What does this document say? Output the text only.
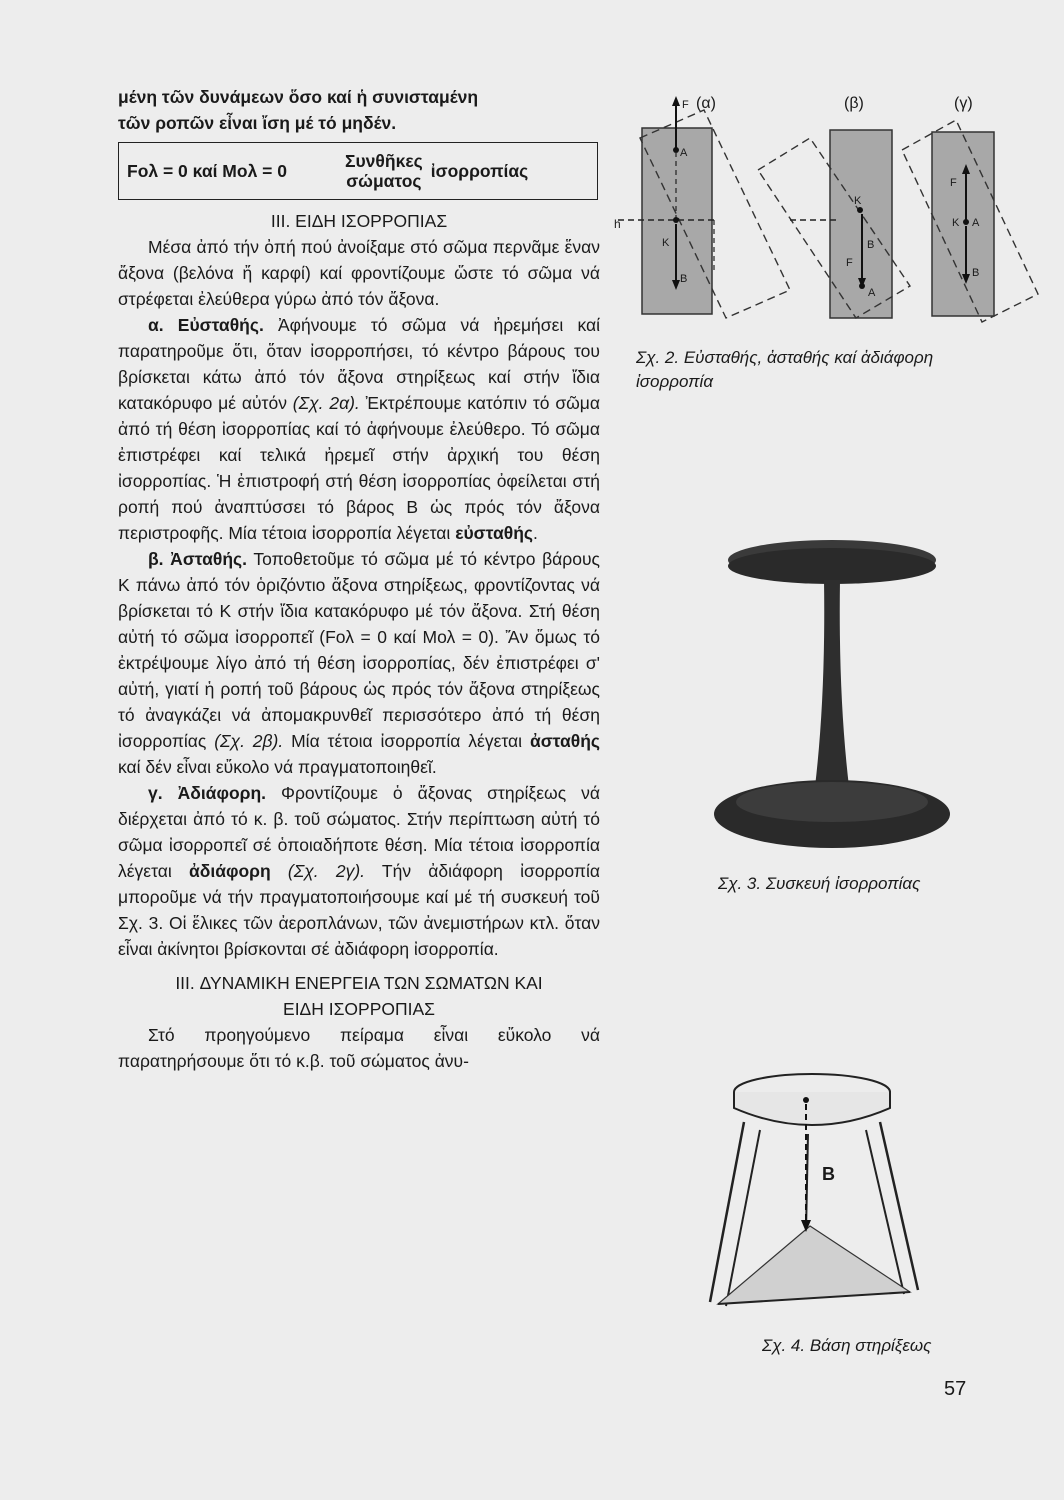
μένη τῶν δυνάμεων ὅσο καί ἡ συνισταμένη

τῶν ροπῶν εἶναι ἴση μέ τό μηδέν.

Fολ = 0 καί Mολ = 0	Συνθῆκες
σώματος
ἰσορροπίας

III. ΕΙΔΗ ΙΣΟΡΡΟΠΙΑΣ

Μέσα ἀπό τήν ὀπή πού ἀνοίξαμε στό σῶμα περνᾶμε ἕναν ἄξονα (βελόνα ἤ καρφί) καί φροντίζουμε ὥστε τό σῶμα νά στρέφεται ἐλεύθερα γύρω ἀπό τόν ἄξονα.

α. Εὐσταθής. Ἀφήνουμε τό σῶμα νά ἠρεμήσει καί παρατηροῦμε ὅτι, ὅταν ἰσορροπήσει, τό κέντρο βάρους του βρίσκεται κάτω ἀπό τόν ἄξονα στηρίξεως καί στήν ἴδια κατακόρυφο μέ αὐτόν (Σχ. 2α). Ἐκτρέπουμε κατόπιν τό σῶμα ἀπό τή θέση ἰσορροπίας καί τό ἀφήνουμε ἐλεύθερο. Τό σῶμα ἐπιστρέφει καί τελικά ἠρεμεῖ στήν ἀρχική του θέση ἰσορροπίας. Ἡ ἐπιστροφή στή θέση ἰσορροπίας ὀφείλεται στή ροπή πού ἀναπτύσσει τό βάρος Β ὡς πρός τόν ἄξονα περιστροφῆς. Μία τέτοια ἰσορροπία λέγεται εὐσταθής.

β. Ἀσταθής. Τοποθετοῦμε τό σῶμα μέ τό κέντρο βάρους Κ πάνω ἀπό τόν ὁριζόντιο ἄξονα στηρίξεως, φροντίζοντας νά βρίσκεται τό Κ στήν ἴδια κατακόρυφο μέ τόν ἄξονα. Στή θέση αὐτή τό σῶμα ἰσορροπεῖ (Fολ = 0 καί Mολ = 0). Ἄν ὅμως τό ἐκτρέψουμε λίγο ἀπό τή θέση ἰσορροπίας, δέν ἐπιστρέφει σ' αὐτή, γιατί ἡ ροπή τοῦ βάρους ὡς πρός τόν ἄξονα στηρίξεως τό ἀναγκάζει νά ἀπομακρυνθεῖ περισσότερο ἀπό τή θέση ἰσορροπίας (Σχ. 2β). Μία τέτοια ἰσορροπία λέγεται ἀσταθής καί δέν εἶναι εὔκολο νά πραγματοποιηθεῖ.

γ. Ἀδιάφορη. Φροντίζουμε ὁ ἄξονας στηρίξεως νά διέρχεται ἀπό τό κ. β. τοῦ σώματος. Στήν περίπτωση αὐτή τό σῶμα ἰσορροπεῖ σέ ὁποιαδήποτε θέση. Μία τέτοια ἰσορροπία λέγεται ἀδιάφορη (Σχ. 2γ). Τήν ἀδιάφορη ἰσορροπία μποροῦμε νά τήν πραγματοποιήσουμε καί μέ τή συσκευή τοῦ Σχ. 3. Οἱ ἕλικες τῶν ἀεροπλάνων, τῶν ἀνεμιστήρων κτλ. ὅταν εἶναι ἀκίνητοι βρίσκονται σέ ἀδιάφορη ἰσορροπία.

III. ΔΥΝΑΜΙΚΗ ΕΝΕΡΓΕΙΑ ΤΩΝ ΣΩΜΑΤΩΝ ΚΑΙ

ΕΙΔΗ ΙΣΟΡΡΟΠΙΑΣ

Στό προηγούμενο πείραμα εἶναι εὔκολο νά παρατηρήσουμε ὅτι τό κ.β. τοῦ σώματος ἀνυ-

(α)
F
A
K
B
h
(β)
K
B
F
A
(γ)
F
K A
B
Σχ. 2. Εὐσταθής, ἀσταθής καί ἀδιάφορη ἰσορροπία
Σχ. 3. Συσκευή ἰσορροπίας
B
Σχ. 4. Βάση στηρίξεως
57
